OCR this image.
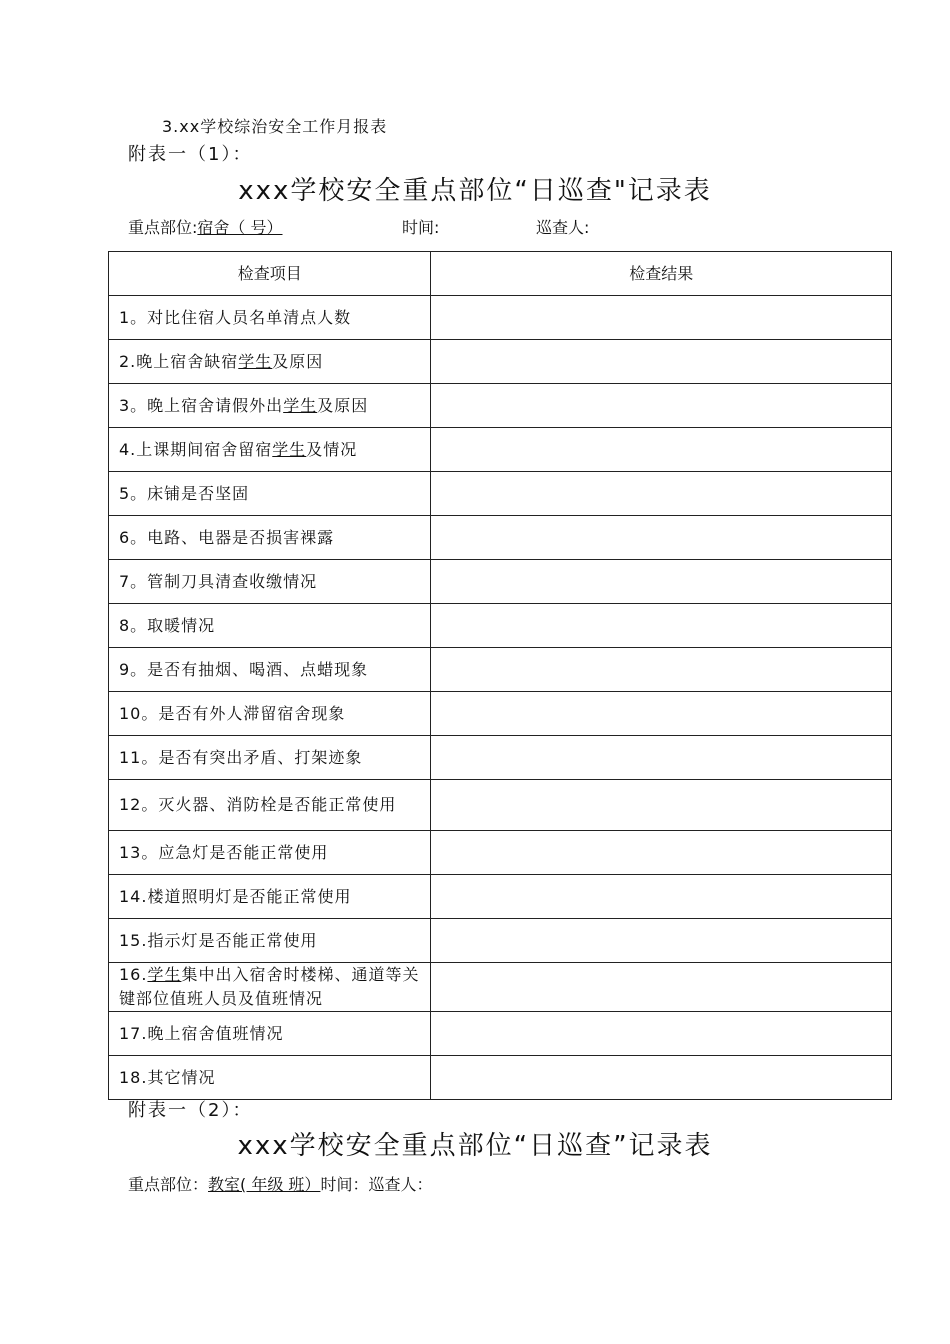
3.xx学校综治安全工作月报表
附表一（1）：
xxx学校安全重点部位“日巡查"记录表
重点部位:宿舍（ 号）	时间:	巡查人:
检查项目	检查结果
1。对比住宿人员名单清点人数	
2.晚上宿舍缺宿学生及原因	
3。晚上宿舍请假外出学生及原因	
4.上课期间宿舍留宿学生及情况	
5。床铺是否坚固	
6。电路、电器是否损害裸露	
7。管制刀具清查收缴情况	
8。取暖情况	
9。是否有抽烟、喝酒、点蜡现象	
10。是否有外人滞留宿舍现象	
11。是否有突出矛盾、打架迹象	
12。灭火器、消防栓是否能正常使用	
13。应急灯是否能正常使用	
14.楼道照明灯是否能正常使用	
15.指示灯是否能正常使用	
16.学生集中出入宿舍时楼梯、通道等关键部位值班人员及值班情况	
17.晚上宿舍值班情况	
18.其它情况	
附表一（2）：
xxx学校安全重点部位“日巡查”记录表
重点部位：教室( 年级 班）时间：巡查人：
